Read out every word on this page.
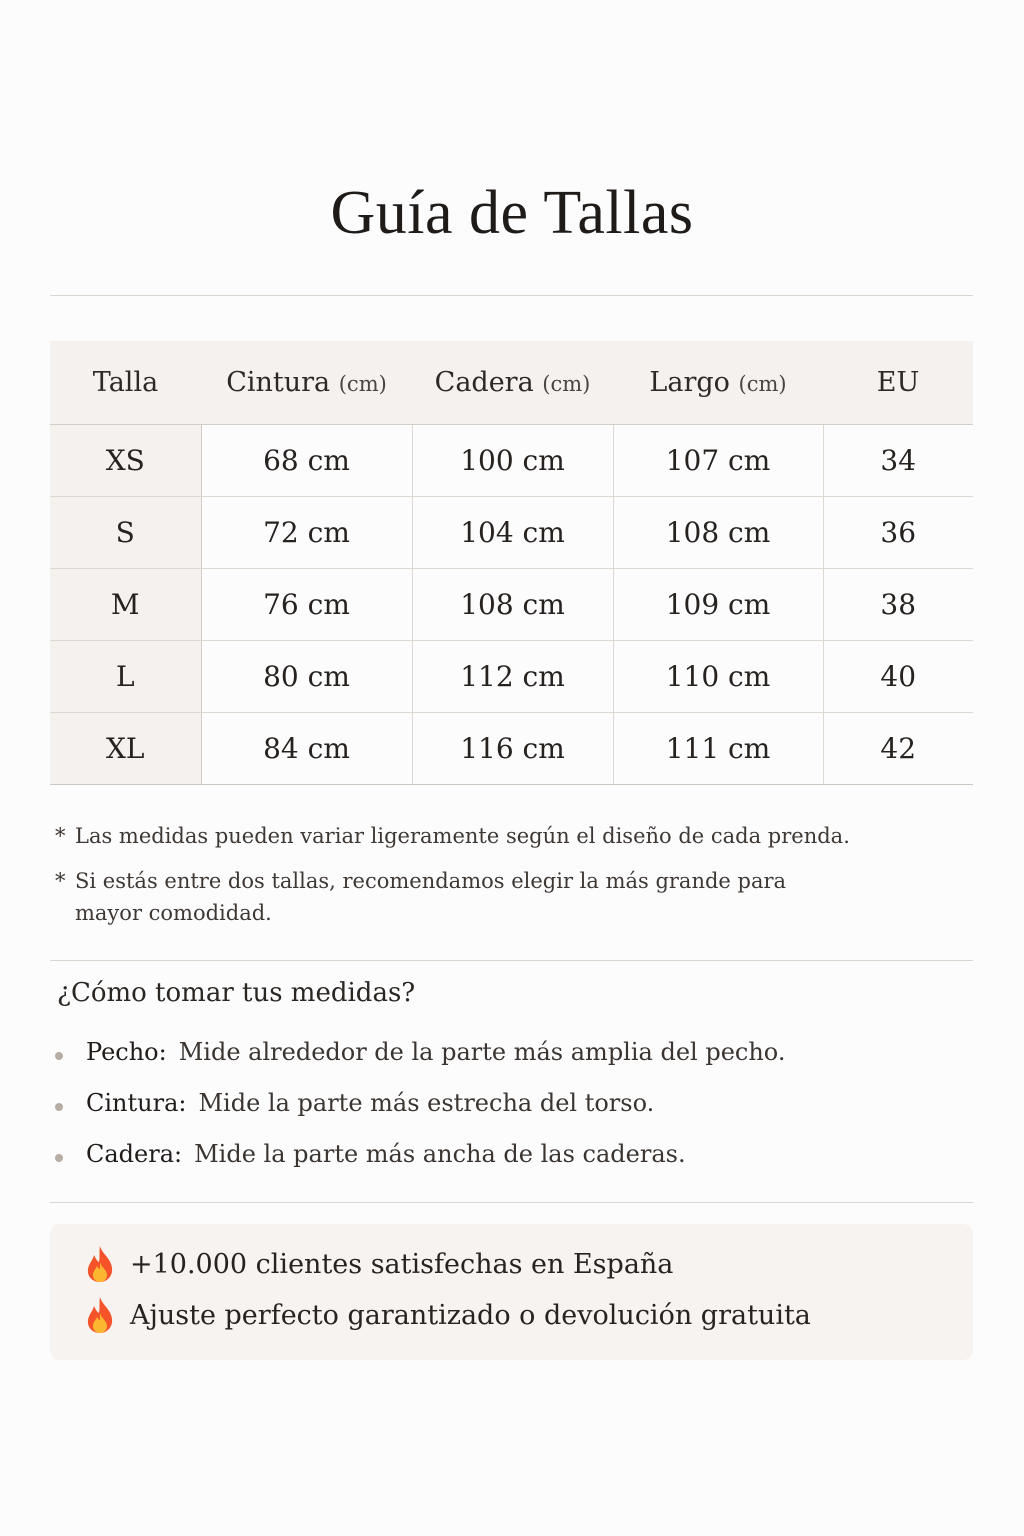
Guía de Tallas
Talla	Cintura (cm)	Cadera (cm)	Largo (cm)	EU
XS	68 cm	100 cm	107 cm	34
S	72 cm	104 cm	108 cm	36
M	76 cm	108 cm	109 cm	38
L	80 cm	112 cm	110 cm	40
XL	84 cm	116 cm	111 cm	42
* Las medidas pueden variar ligeramente según el diseño de cada prenda.
* Si estás entre dos tallas, recomendamos elegir la más grande para
mayor comodidad.
¿Cómo tomar tus medidas?
Pecho: Mide alrededor de la parte más amplia del pecho.
Cintura: Mide la parte más estrecha del torso.
Cadera: Mide la parte más ancha de las caderas.
+10.000 clientes satisfechas en España
Ajuste perfecto garantizado o devolución gratuita
